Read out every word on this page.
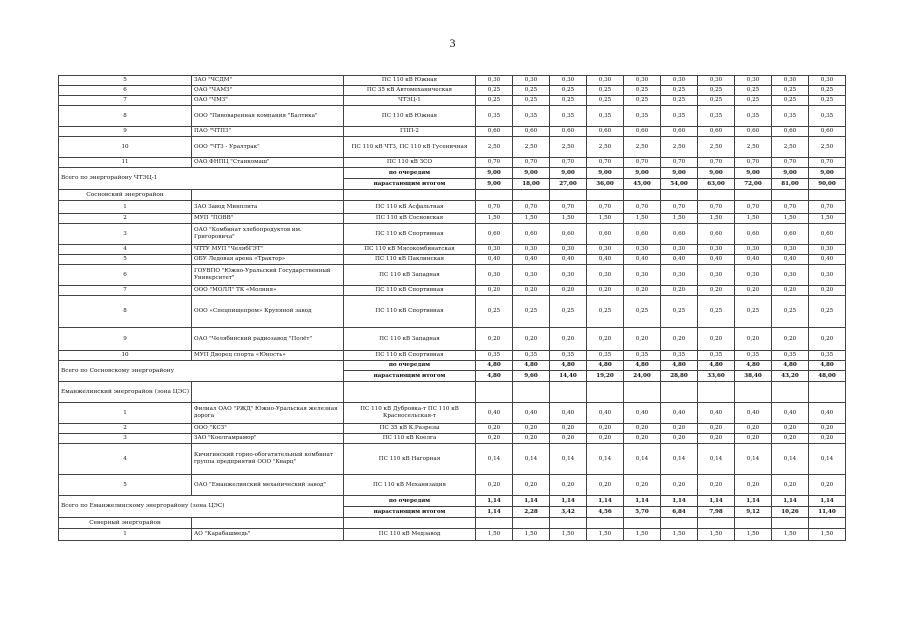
3
5	ЗАО "ЧСДМ"	ПС 110 кВ Южная	0,30	0,30	0,30	0,30	0,30	0,30	0,30	0,30	0,30	0,30
6	ОАО "ЧАМЗ"	ПС 35 кВ Автомеханическая	0,25	0,25	0,25	0,25	0,25	0,25	0,25	0,25	0,25	0,25
7	ОАО "ЧМЗ"	ЧТЭЦ-1	0,25	0,25	0,25	0,25	0,25	0,25	0,25	0,25	0,25	0,25
8	ООО "Пивоваренная компания "Балтика"	ПС 110 кВ Южная	0,35	0,35	0,35	0,35	0,35	0,35	0,35	0,35	0,35	0,35
9	ПАО "ЧТПЗ"	ГПП-2	0,60	0,60	0,60	0,60	0,60	0,60	0,60	0,60	0,60	0,60
10	ООО "ЧТЗ - Уралтрак"	ПС 110 кВ ЧТЗ, ПС 110 кВ Гусеничная	2,50	2,50	2,50	2,50	2,50	2,50	2,50	2,50	2,50	2,50
11	ОАО ФНПЦ "Станкомаш"	ПС 110 кВ ЗСО	0,70	0,70	0,70	0,70	0,70	0,70	0,70	0,70	0,70	0,70
Всего по энергорайону ЧТЭЦ-1		по очередям	9,00	9,00	9,00	9,00	9,00	9,00	9,00	9,00	9,00	9,00
		нарастающим итогом	9,00	18,00	27,00	36,00	45,00	54,00	63,00	72,00	81,00	90,00
Сосновский энергорайон												
1	ЗАО Завод Минплита	ПС 110 кВ Асфальтная	0,70	0,70	0,70	0,70	0,70	0,70	0,70	0,70	0,70	0,70
2	МУП "ПОВВ"	ПС 110 кВ Сосновская	1,50	1,50	1,50	1,50	1,50	1,50	1,50	1,50	1,50	1,50
3	ОАО "Комбинат хлебопродуктов им. Григоровича"	ПС 110 кВ Спортивная	0,60	0,60	0,60	0,60	0,60	0,60	0,60	0,60	0,60	0,60
4	ЧТТУ МУП "ЧелябГЭТ"	ПС 110 кВ Мясокомбинатская	0,30	0,30	0,30	0,30	0,30	0,30	0,30	0,30	0,30	0,30
5	ОБУ Ледовая арена «Трактор»	ПС 110 кВ Паклинская	0,40	0,40	0,40	0,40	0,40	0,40	0,40	0,40	0,40	0,40
6	ГОУВПО "Южно-Уральский Государственный Университет"	ПС 110 кВ Западная	0,30	0,30	0,30	0,30	0,30	0,30	0,30	0,30	0,30	0,30
7	ООО "МОЛЛ" ТК «Молния»	ПС 110 кВ Спортивная	0,20	0,20	0,20	0,20	0,20	0,20	0,20	0,20	0,20	0,20
8	ООО «Спецпищепром» Крупяной завод	ПС 110 кВ Спортивная	0,25	0,25	0,25	0,25	0,25	0,25	0,25	0,25	0,25	0,25
9	ОАО "Челябинский радиозавод "Полёт"	ПС 110 кВ Западная	0,20	0,20	0,20	0,20	0,20	0,20	0,20	0,20	0,20	0,20
10	МУП Дворец спорта «Юность»	ПС 110 кВ Спортивная	0,35	0,35	0,35	0,35	0,35	0,35	0,35	0,35	0,35	0,35
Всего по Сосновскому энергорайону		по очередям	4,80	4,80	4,80	4,80	4,80	4,80	4,80	4,80	4,80	4,80
		нарастающим итогом	4,80	9,60	14,40	19,20	24,00	28,80	33,60	38,40	43,20	48,00
Еманжелинский энергорайон (зона ЦЭС)												
1	Филиал ОАО "РЖД" Южно-Уральская железная дорога	ПС 110 кВ Дубровка-т ПС 110 кВ Красносельская-т	0,40	0,40	0,40	0,40	0,40	0,40	0,40	0,40	0,40	0,40
2	ООО "КСЗ"	ПС 35 кВ К.Разрезы	0,20	0,20	0,20	0,20	0,20	0,20	0,20	0,20	0,20	0,20
3	ЗАО "Коелгамрамор"	ПС 110 кВ Коелга	0,20	0,20	0,20	0,20	0,20	0,20	0,20	0,20	0,20	0,20
4	Кичигинский горно-обогатительный комбинат группа предприятий ООО "Кварц"	ПС 110 кВ Нагорная	0,14	0,14	0,14	0,14	0,14	0,14	0,14	0,14	0,14	0,14
5	ОАО "Еманжелинский механический завод"	ПС 110 кВ Механизация	0,20	0,20	0,20	0,20	0,20	0,20	0,20	0,20	0,20	0,20
Всего по Еманжелинскому энергорайону (зона ЦЭС)		по очередям	1,14	1,14	1,14	1,14	1,14	1,14	1,14	1,14	1,14	1,14
		нарастающим итогом	1,14	2,28	3,42	4,56	5,70	6,84	7,98	9,12	10,26	11,40
Северный энергорайон												
1	АО "Карабашмедь"	ПС 110 кВ Медзавод	1,50	1,50	1,50	1,50	1,50	1,50	1,50	1,50	1,50	1,50
